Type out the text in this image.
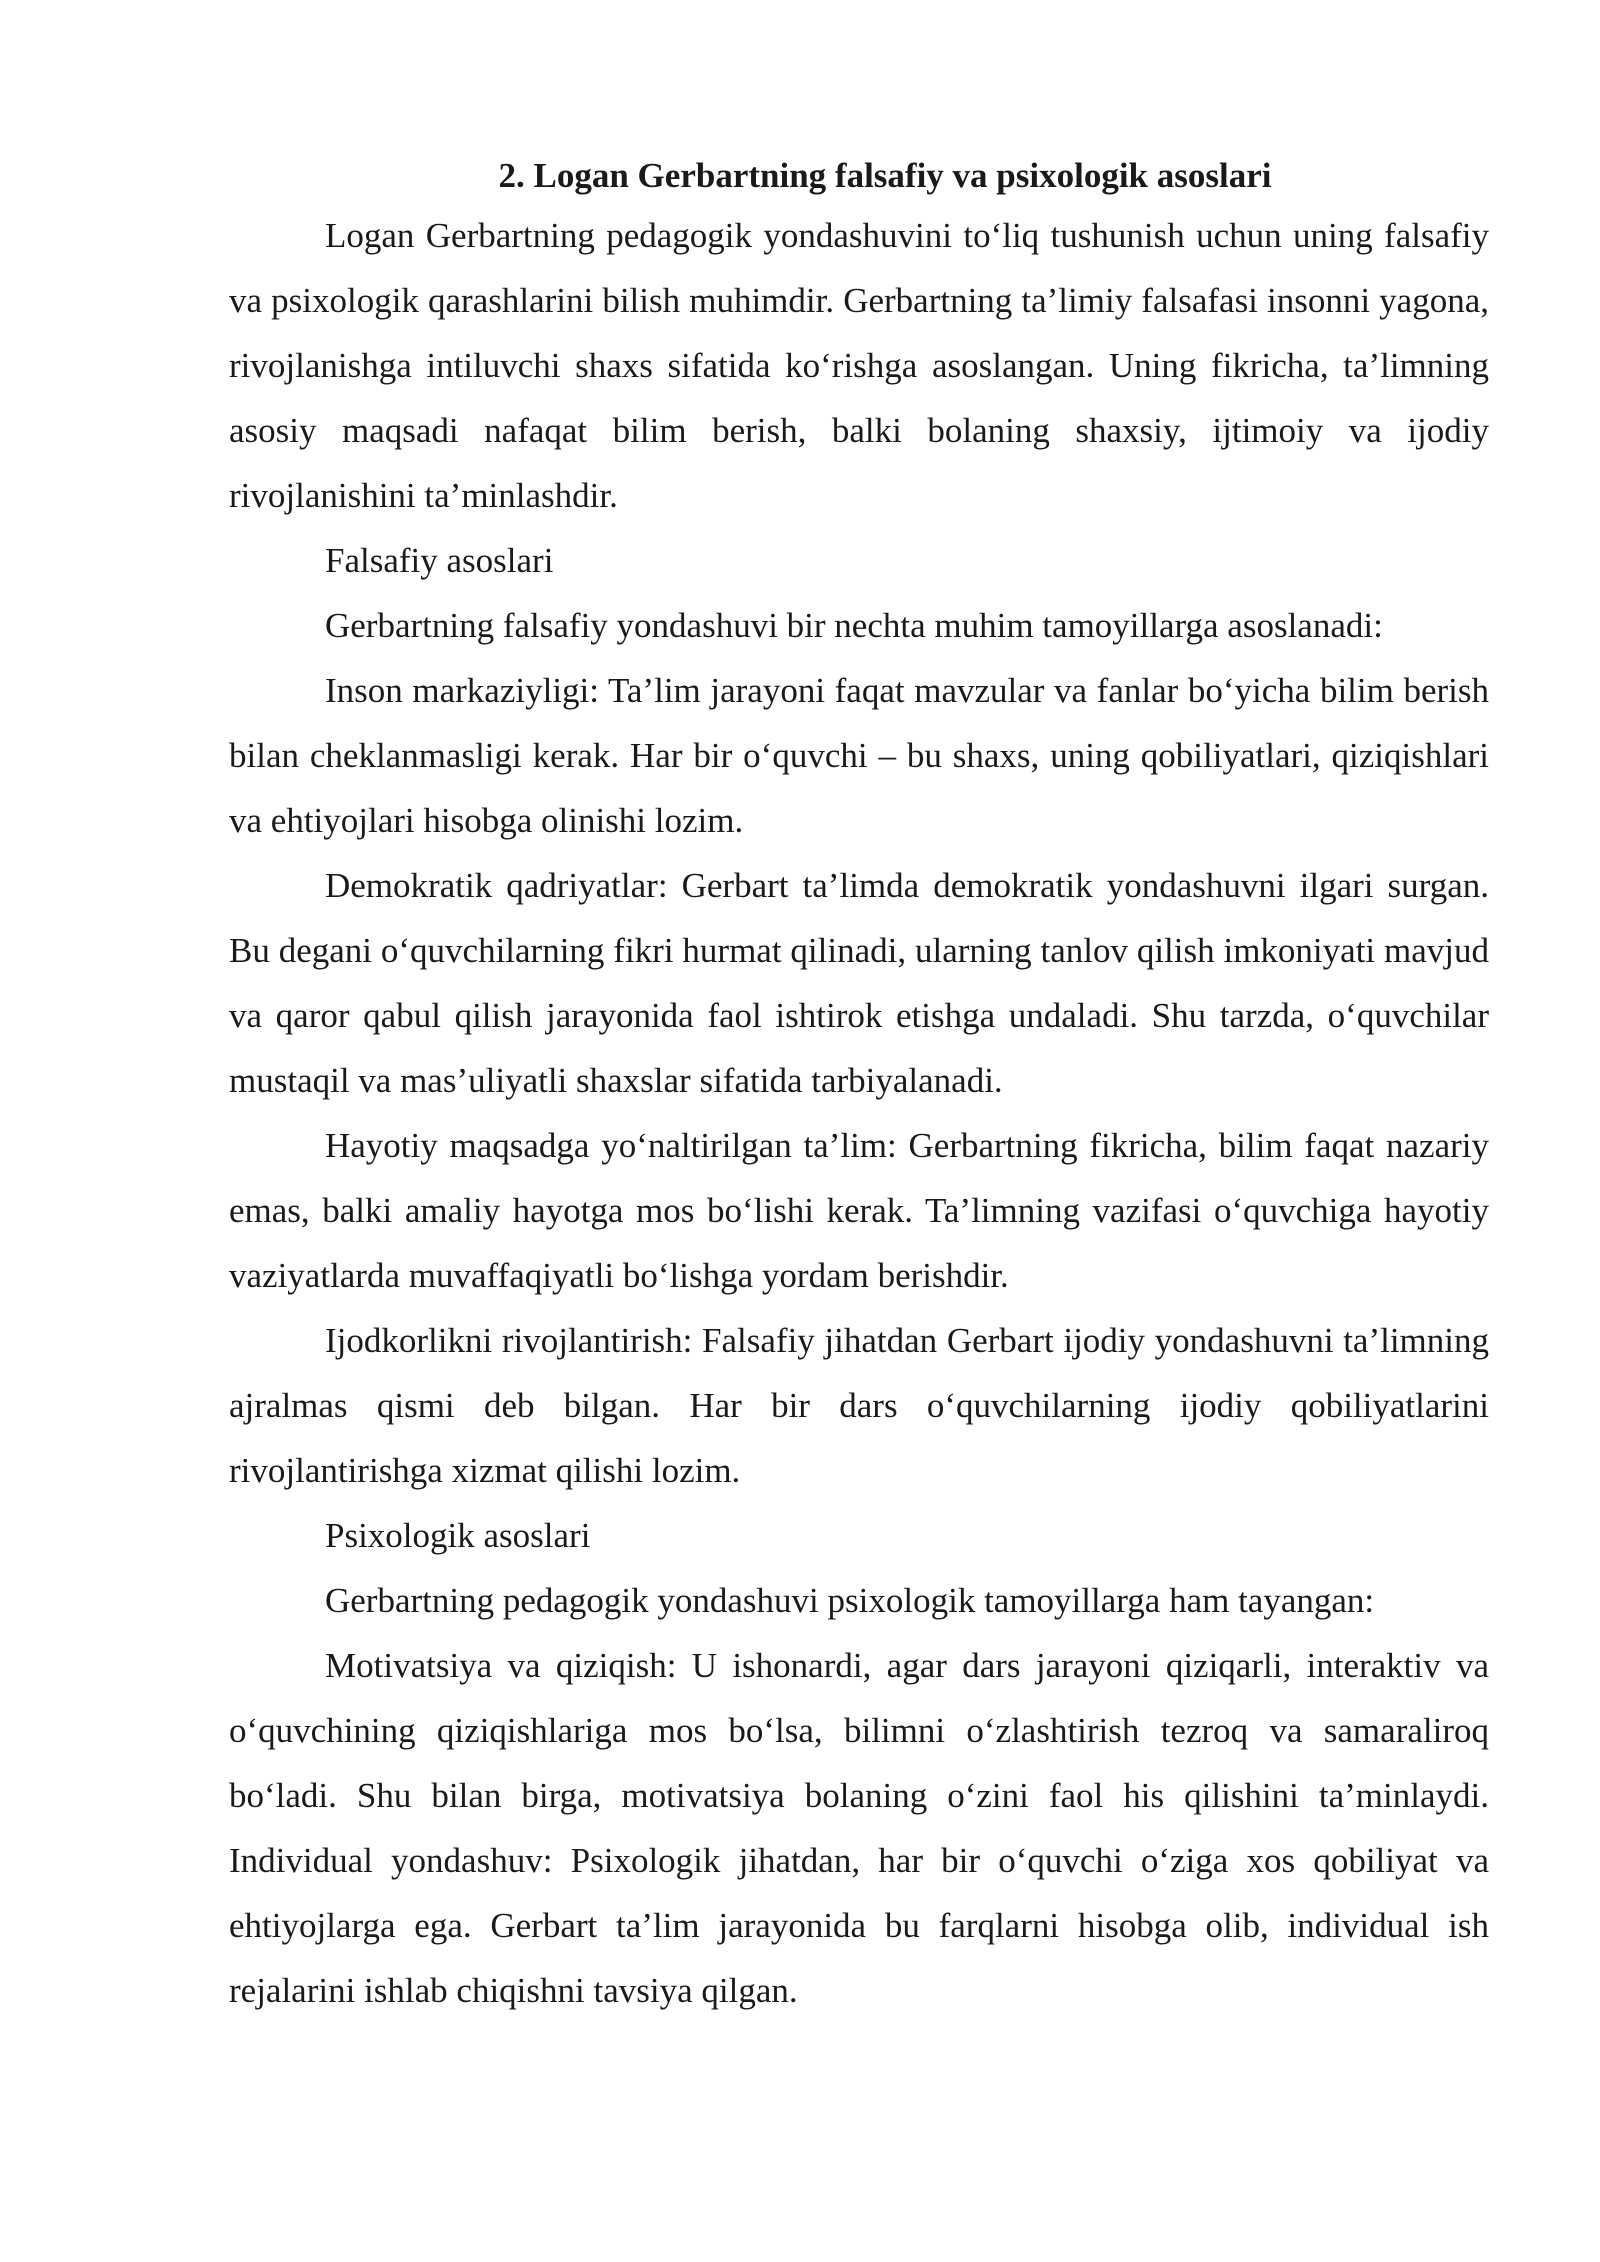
2. Logan Gerbartning falsafiy va psixologik asoslari

Logan Gerbartning pedagogik yondashuvini to‘liq tushunish uchun uning falsafiy va psixologik qarashlarini bilish muhimdir. Gerbartning ta’limiy falsafasi insonni yagona, rivojlanishga intiluvchi shaxs sifatida ko‘rishga asoslangan. Uning fikricha, ta’limning asosiy maqsadi nafaqat bilim berish, balki bolaning shaxsiy, ijtimoiy va ijodiy rivojlanishini ta’minlashdir.

Falsafiy asoslari

Gerbartning falsafiy yondashuvi bir nechta muhim tamoyillarga asoslanadi:

Inson markaziyligi: Ta’lim jarayoni faqat mavzular va fanlar bo‘yicha bilim berish bilan cheklanmasligi kerak. Har bir o‘quvchi – bu shaxs, uning qobiliyatlari, qiziqishlari va ehtiyojlari hisobga olinishi lozim.

Demokratik qadriyatlar: Gerbart ta’limda demokratik yondashuvni ilgari surgan. Bu degani o‘quvchilarning fikri hurmat qilinadi, ularning tanlov qilish imkoniyati mavjud va qaror qabul qilish jarayonida faol ishtirok etishga undaladi. Shu tarzda, o‘quvchilar mustaqil va mas’uliyatli shaxslar sifatida tarbiyalanadi.

Hayotiy maqsadga yo‘naltirilgan ta’lim: Gerbartning fikricha, bilim faqat nazariy emas, balki amaliy hayotga mos bo‘lishi kerak. Ta’limning vazifasi o‘quvchiga hayotiy vaziyatlarda muvaffaqiyatli bo‘lishga yordam berishdir.

Ijodkorlikni rivojlantirish: Falsafiy jihatdan Gerbart ijodiy yondashuvni ta’limning ajralmas qismi deb bilgan. Har bir dars o‘quvchilarning ijodiy qobiliyatlarini rivojlantirishga xizmat qilishi lozim.

Psixologik asoslari

Gerbartning pedagogik yondashuvi psixologik tamoyillarga ham tayangan:

Motivatsiya va qiziqish: U ishonardi, agar dars jarayoni qiziqarli, interaktiv va o‘quvchining qiziqishlariga mos bo‘lsa, bilimni o‘zlashtirish tezroq va samaraliroq bo‘ladi. Shu bilan birga, motivatsiya bolaning o‘zini faol his qilishini ta’minlaydi. Individual yondashuv: Psixologik jihatdan, har bir o‘quvchi o‘ziga xos qobiliyat va ehtiyojlarga ega. Gerbart ta’lim jarayonida bu farqlarni hisobga olib, individual ish rejalarini ishlab chiqishni tavsiya qilgan.
